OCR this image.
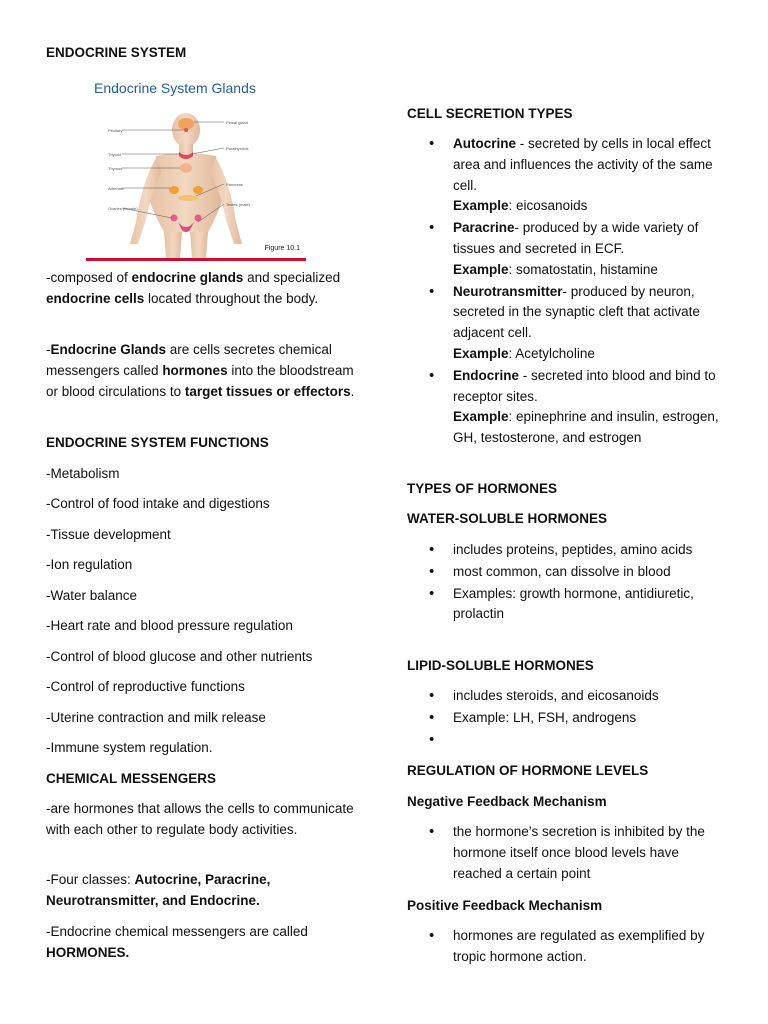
ENDOCRINE SYSTEM
Endocrine System Glands
Pituitary
Thyroid
Thymus
Adrenals
Ovaries (female)
Pineal gland
Parathyroids
Pancreas
Testes (male)
Figure 10.1
-composed of endocrine glands and specialized endocrine cells located throughout the body.
-Endocrine Glands are cells secretes chemical messengers called hormones into the bloodstream or blood circulations to target tissues or effectors.
ENDOCRINE SYSTEM FUNCTIONS
-Metabolism
-Control of food intake and digestions
-Tissue development
-Ion regulation
-Water balance
-Heart rate and blood pressure regulation
-Control of blood glucose and other nutrients
-Control of reproductive functions
-Uterine contraction and milk release
-Immune system regulation.
CHEMICAL MESSENGERS
-are hormones that allows the cells to communicate with each other to regulate body activities.
-Four classes: Autocrine, Paracrine, Neurotransmitter, and Endocrine.
-Endocrine chemical messengers are called HORMONES.
CELL SECRETION TYPES
• Autocrine - secreted by cells in local effect area and influences the activity of the same cell.
Example: eicosanoids
• Paracrine- produced by a wide variety of tissues and secreted in ECF.
Example: somatostatin, histamine
• Neurotransmitter- produced by neuron, secreted in the synaptic cleft that activate adjacent cell.
Example: Acetylcholine
• Endocrine - secreted into blood and bind to receptor sites.
Example: epinephrine and insulin, estrogen, GH, testosterone, and estrogen
TYPES OF HORMONES
WATER-SOLUBLE HORMONES
• includes proteins, peptides, amino acids
• most common, can dissolve in blood
• Examples: growth hormone, antidiuretic, prolactin
LIPID-SOLUBLE HORMONES
• includes steroids, and eicosanoids
• Example: LH, FSH, androgens
•
REGULATION OF HORMONE LEVELS
Negative Feedback Mechanism
• the hormone’s secretion is inhibited by the hormone itself once blood levels have reached a certain point
Positive Feedback Mechanism
• hormones are regulated as exemplified by tropic hormone action.
